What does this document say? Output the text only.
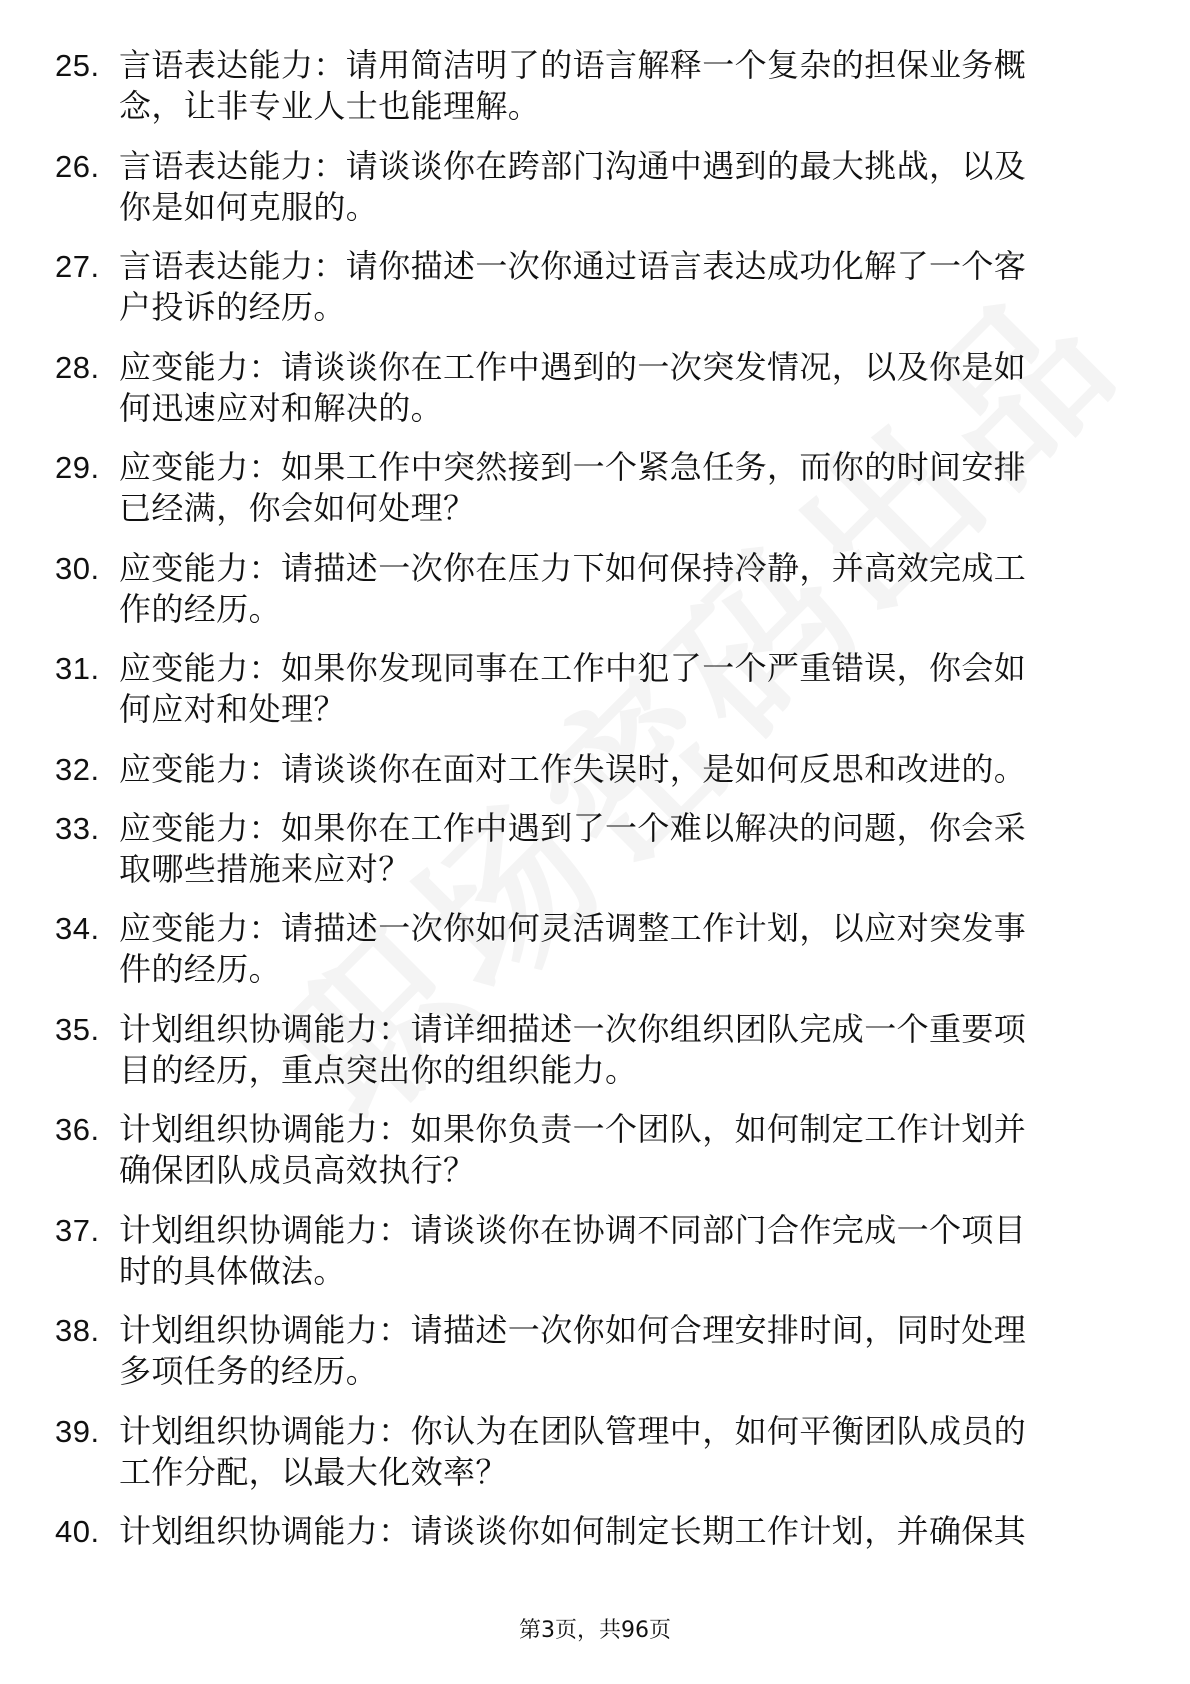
25. 言语表达能力：请用简洁明了的语言解释一个复杂的担保业务概念，让非专业人士也能理解。
26. 言语表达能力：请谈谈你在跨部门沟通中遇到的最大挑战，以及你是如何克服的。
27. 言语表达能力：请你描述一次你通过语言表达成功化解了一个客户投诉的经历。
28. 应变能力：请谈谈你在工作中遇到的一次突发情况，以及你是如何迅速应对和解决的。
29. 应变能力：如果工作中突然接到一个紧急任务，而你的时间安排已经满，你会如何处理？
30. 应变能力：请描述一次你在压力下如何保持冷静，并高效完成工作的经历。
31. 应变能力：如果你发现同事在工作中犯了一个严重错误，你会如何应对和处理？
32. 应变能力：请谈谈你在面对工作失误时，是如何反思和改进的。
33. 应变能力：如果你在工作中遇到了一个难以解决的问题，你会采取哪些措施来应对？
34. 应变能力：请描述一次你如何灵活调整工作计划，以应对突发事件的经历。
35. 计划组织协调能力：请详细描述一次你组织团队完成一个重要项目的经历，重点突出你的组织能力。
36. 计划组织协调能力：如果你负责一个团队，如何制定工作计划并确保团队成员高效执行？
37. 计划组织协调能力：请谈谈你在协调不同部门合作完成一个项目时的具体做法。
38. 计划组织协调能力：请描述一次你如何合理安排时间，同时处理多项任务的经历。
39. 计划组织协调能力：你认为在团队管理中，如何平衡团队成员的工作分配，以最大化效率？
40. 计划组织协调能力：请谈谈你如何制定长期工作计划，并确保其
第3页，共96页
